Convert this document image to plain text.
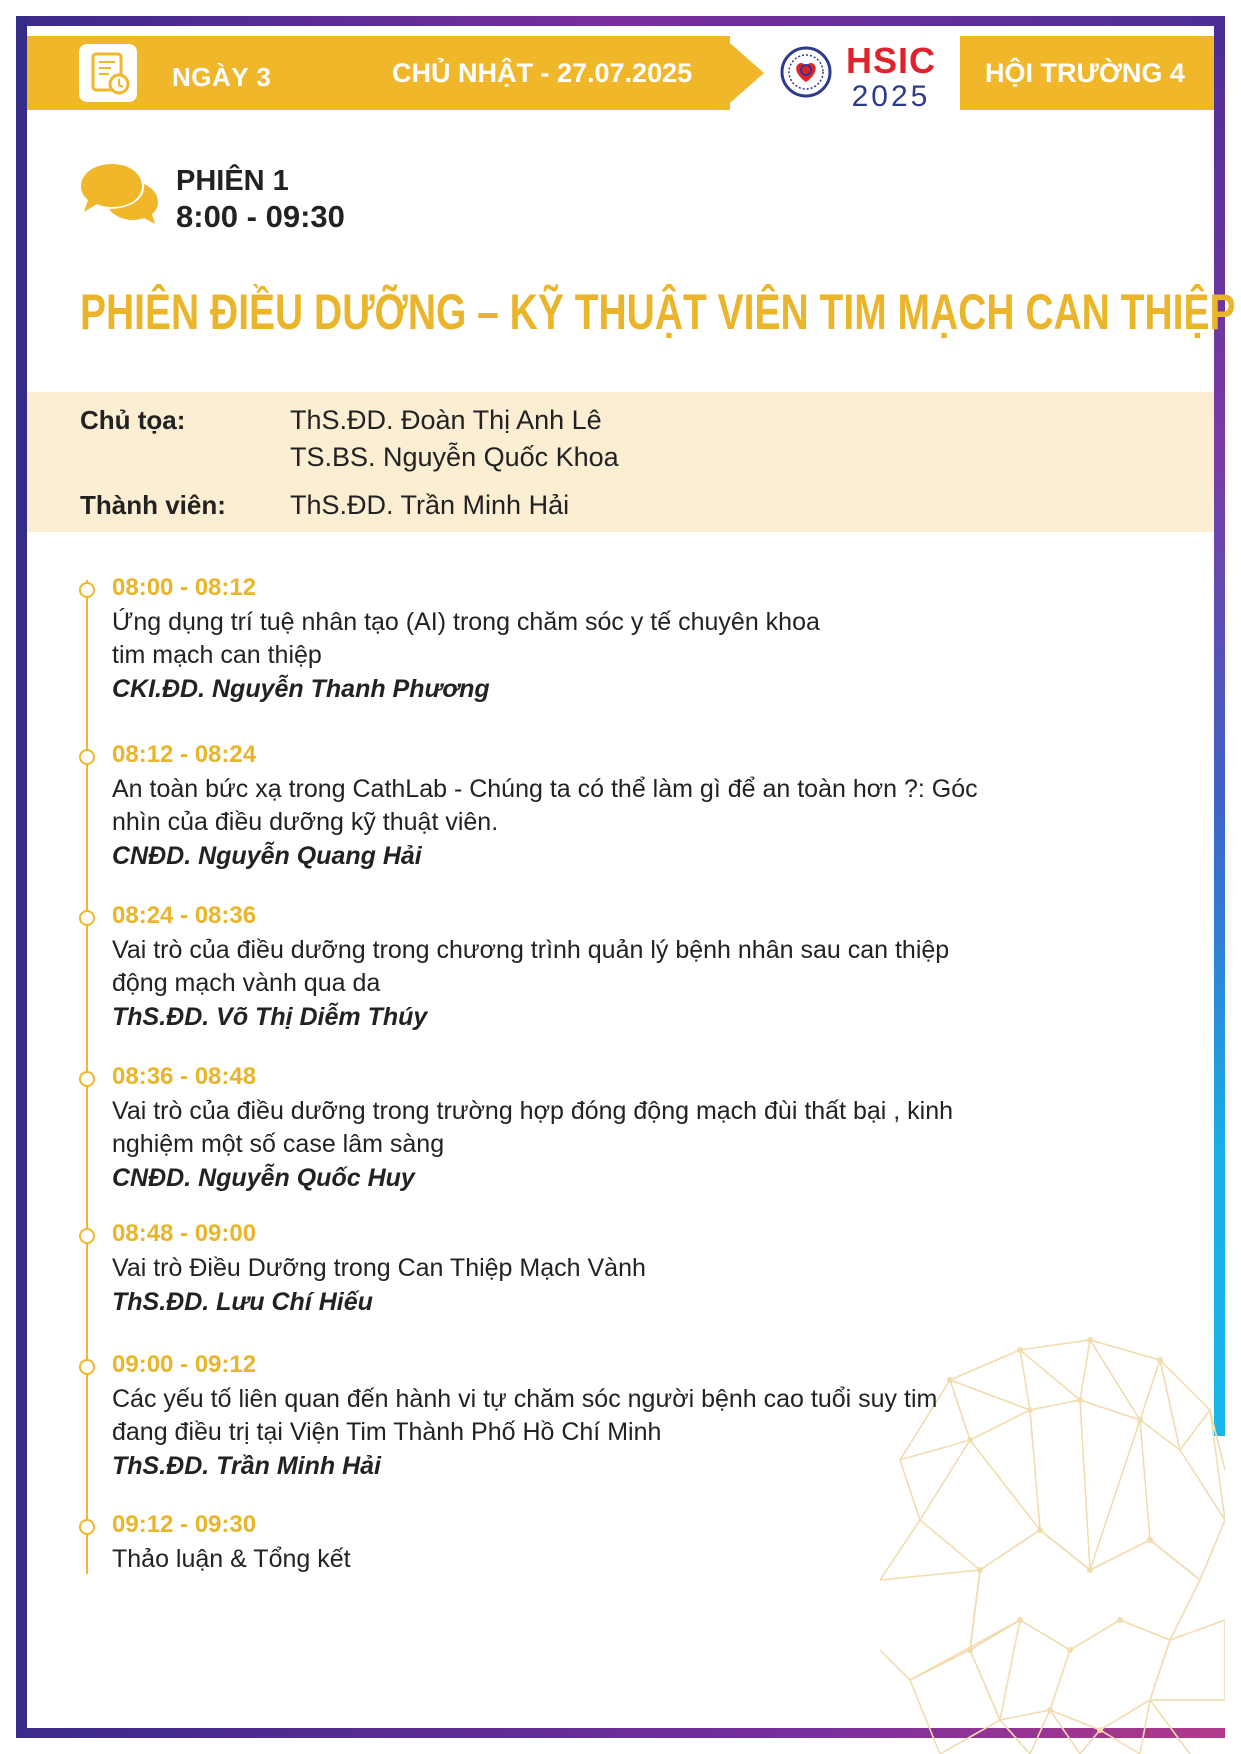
NGÀY 3	CHỦ NHẬT - 27.07.2025	HSIC
2025
HỘI TRƯỜNG 4
PHIÊN 1
8:00 - 09:30
PHIÊN ĐIỀU DƯỠNG – KỸ THUẬT VIÊN TIM MẠCH CAN THIỆP
Chủ tọa:	ThS.ĐD. Đoàn Thị Anh Lê
TS.BS. Nguyễn Quốc Khoa
Thành viên: ThS.ĐD. Trần Minh Hải
08:00 - 08:12
Ứng dụng trí tuệ nhân tạo (AI) trong chăm sóc y tế chuyên khoa
tim mạch can thiệp
CKI.ĐD. Nguyễn Thanh Phương
08:12 - 08:24
An toàn bức xạ trong CathLab - Chúng ta có thể làm gì để an toàn hơn ?: Góc
nhìn của điều dưỡng kỹ thuật viên.
CNĐD. Nguyễn Quang Hải
08:24 - 08:36
Vai trò của điều dưỡng trong chương trình quản lý bệnh nhân sau can thiệp
động mạch vành qua da
ThS.ĐD. Võ Thị Diễm Thúy
08:36 - 08:48
Vai trò của điều dưỡng trong trường hợp đóng động mạch đùi thất bại , kinh
nghiệm một số case lâm sàng
CNĐD. Nguyễn Quốc Huy
08:48 - 09:00
Vai trò Điều Dưỡng trong Can Thiệp Mạch Vành
ThS.ĐD. Lưu Chí Hiếu
09:00 - 09:12
Các yếu tố liên quan đến hành vi tự chăm sóc người bệnh cao tuổi suy tim
đang điều trị tại Viện Tim Thành Phố Hồ Chí Minh
ThS.ĐD. Trần Minh Hải
09:12 - 09:30
Thảo luận & Tổng kết
